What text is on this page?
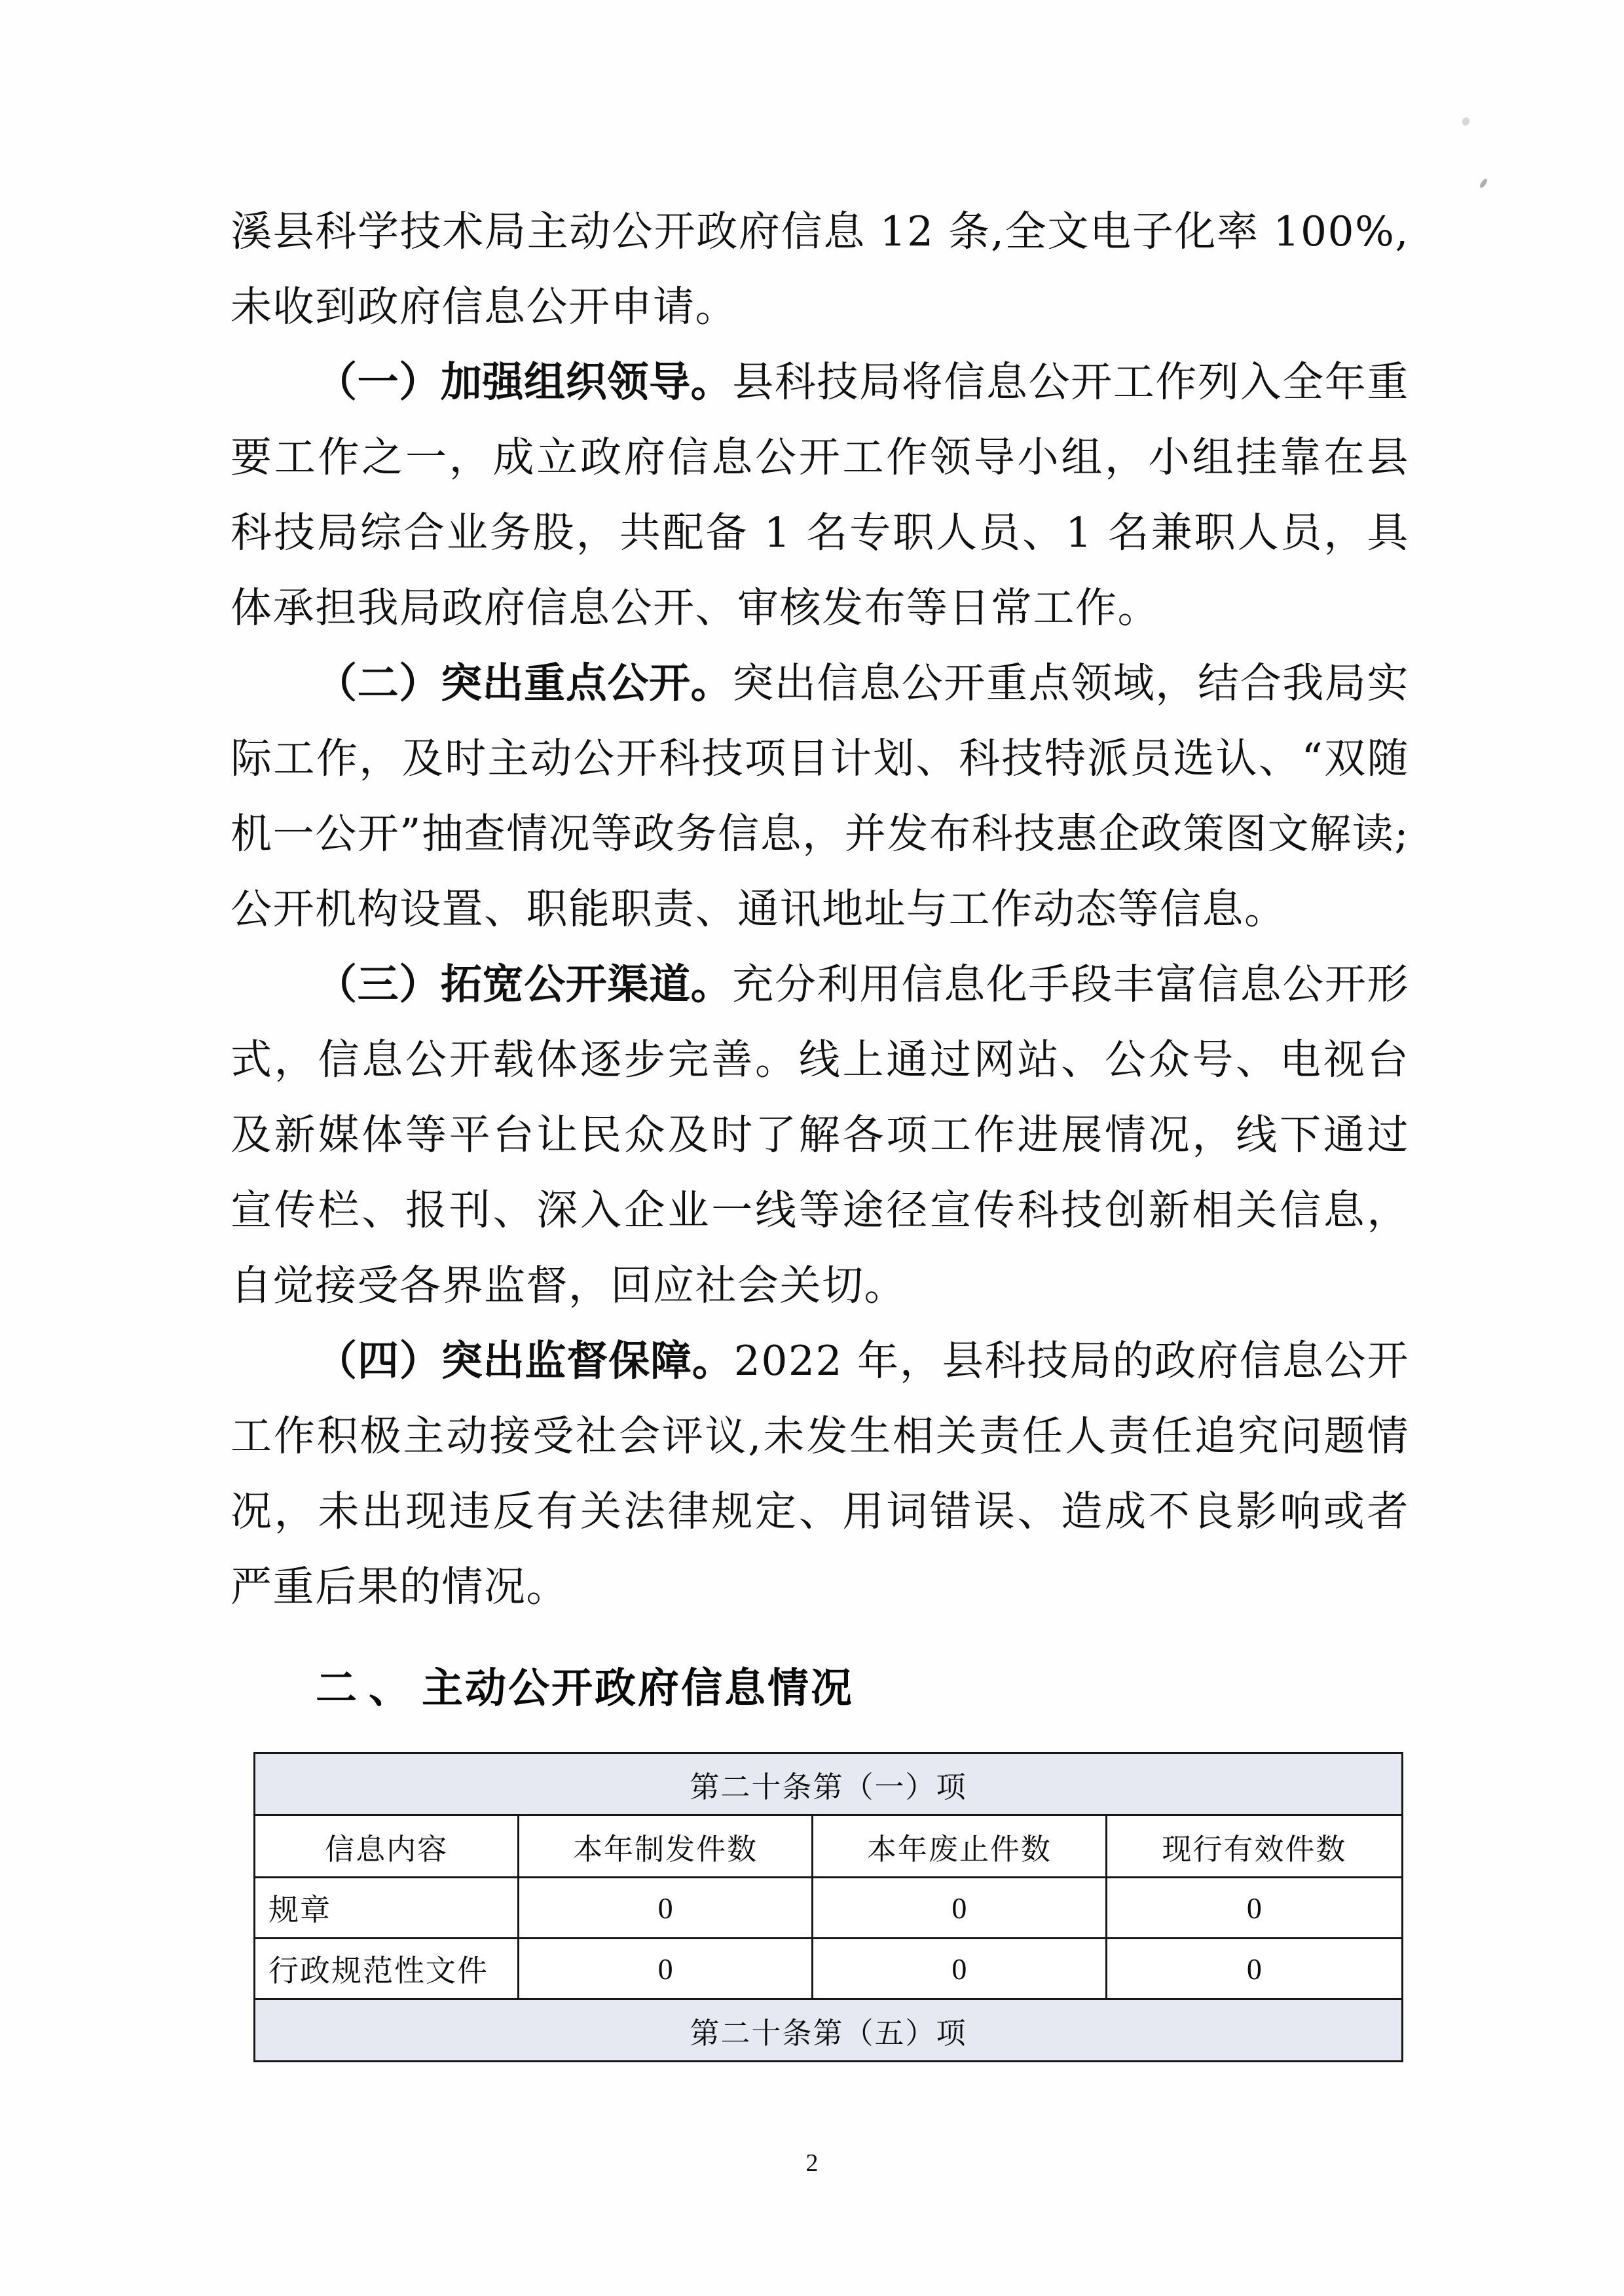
溪县科学技术局主动公开政府信息 12 条,全文电子化率 100%,未收到政府信息公开申请。

（一）加强组织领导。县科技局将信息公开工作列入全年重要工作之一，成立政府信息公开工作领导小组，小组挂靠在县科技局综合业务股，共配备 1 名专职人员、1 名兼职人员，具体承担我局政府信息公开、审核发布等日常工作。

（二）突出重点公开。突出信息公开重点领域，结合我局实际工作，及时主动公开科技项目计划、科技特派员选认、“双随机一公开”抽查情况等政务信息，并发布科技惠企政策图文解读;公开机构设置、职能职责、通讯地址与工作动态等信息。

（三）拓宽公开渠道。充分利用信息化手段丰富信息公开形式，信息公开载体逐步完善。线上通过网站、公众号、电视台及新媒体等平台让民众及时了解各项工作进展情况，线下通过宣传栏、报刊、深入企业一线等途径宣传科技创新相关信息，自觉接受各界监督，回应社会关切。

（四）突出监督保障。2022 年，县科技局的政府信息公开工作积极主动接受社会评议,未发生相关责任人责任追究问题情况，未出现违反有关法律规定、用词错误、造成不良影响或者严重后果的情况。

二、主动公开政府信息情况
第二十条第（一）项			
信息内容	本年制发件数	本年废止件数	现行有效件数
规章	0	0	0
行政规范性文件	0	0	0
第二十条第（五）项			
2
